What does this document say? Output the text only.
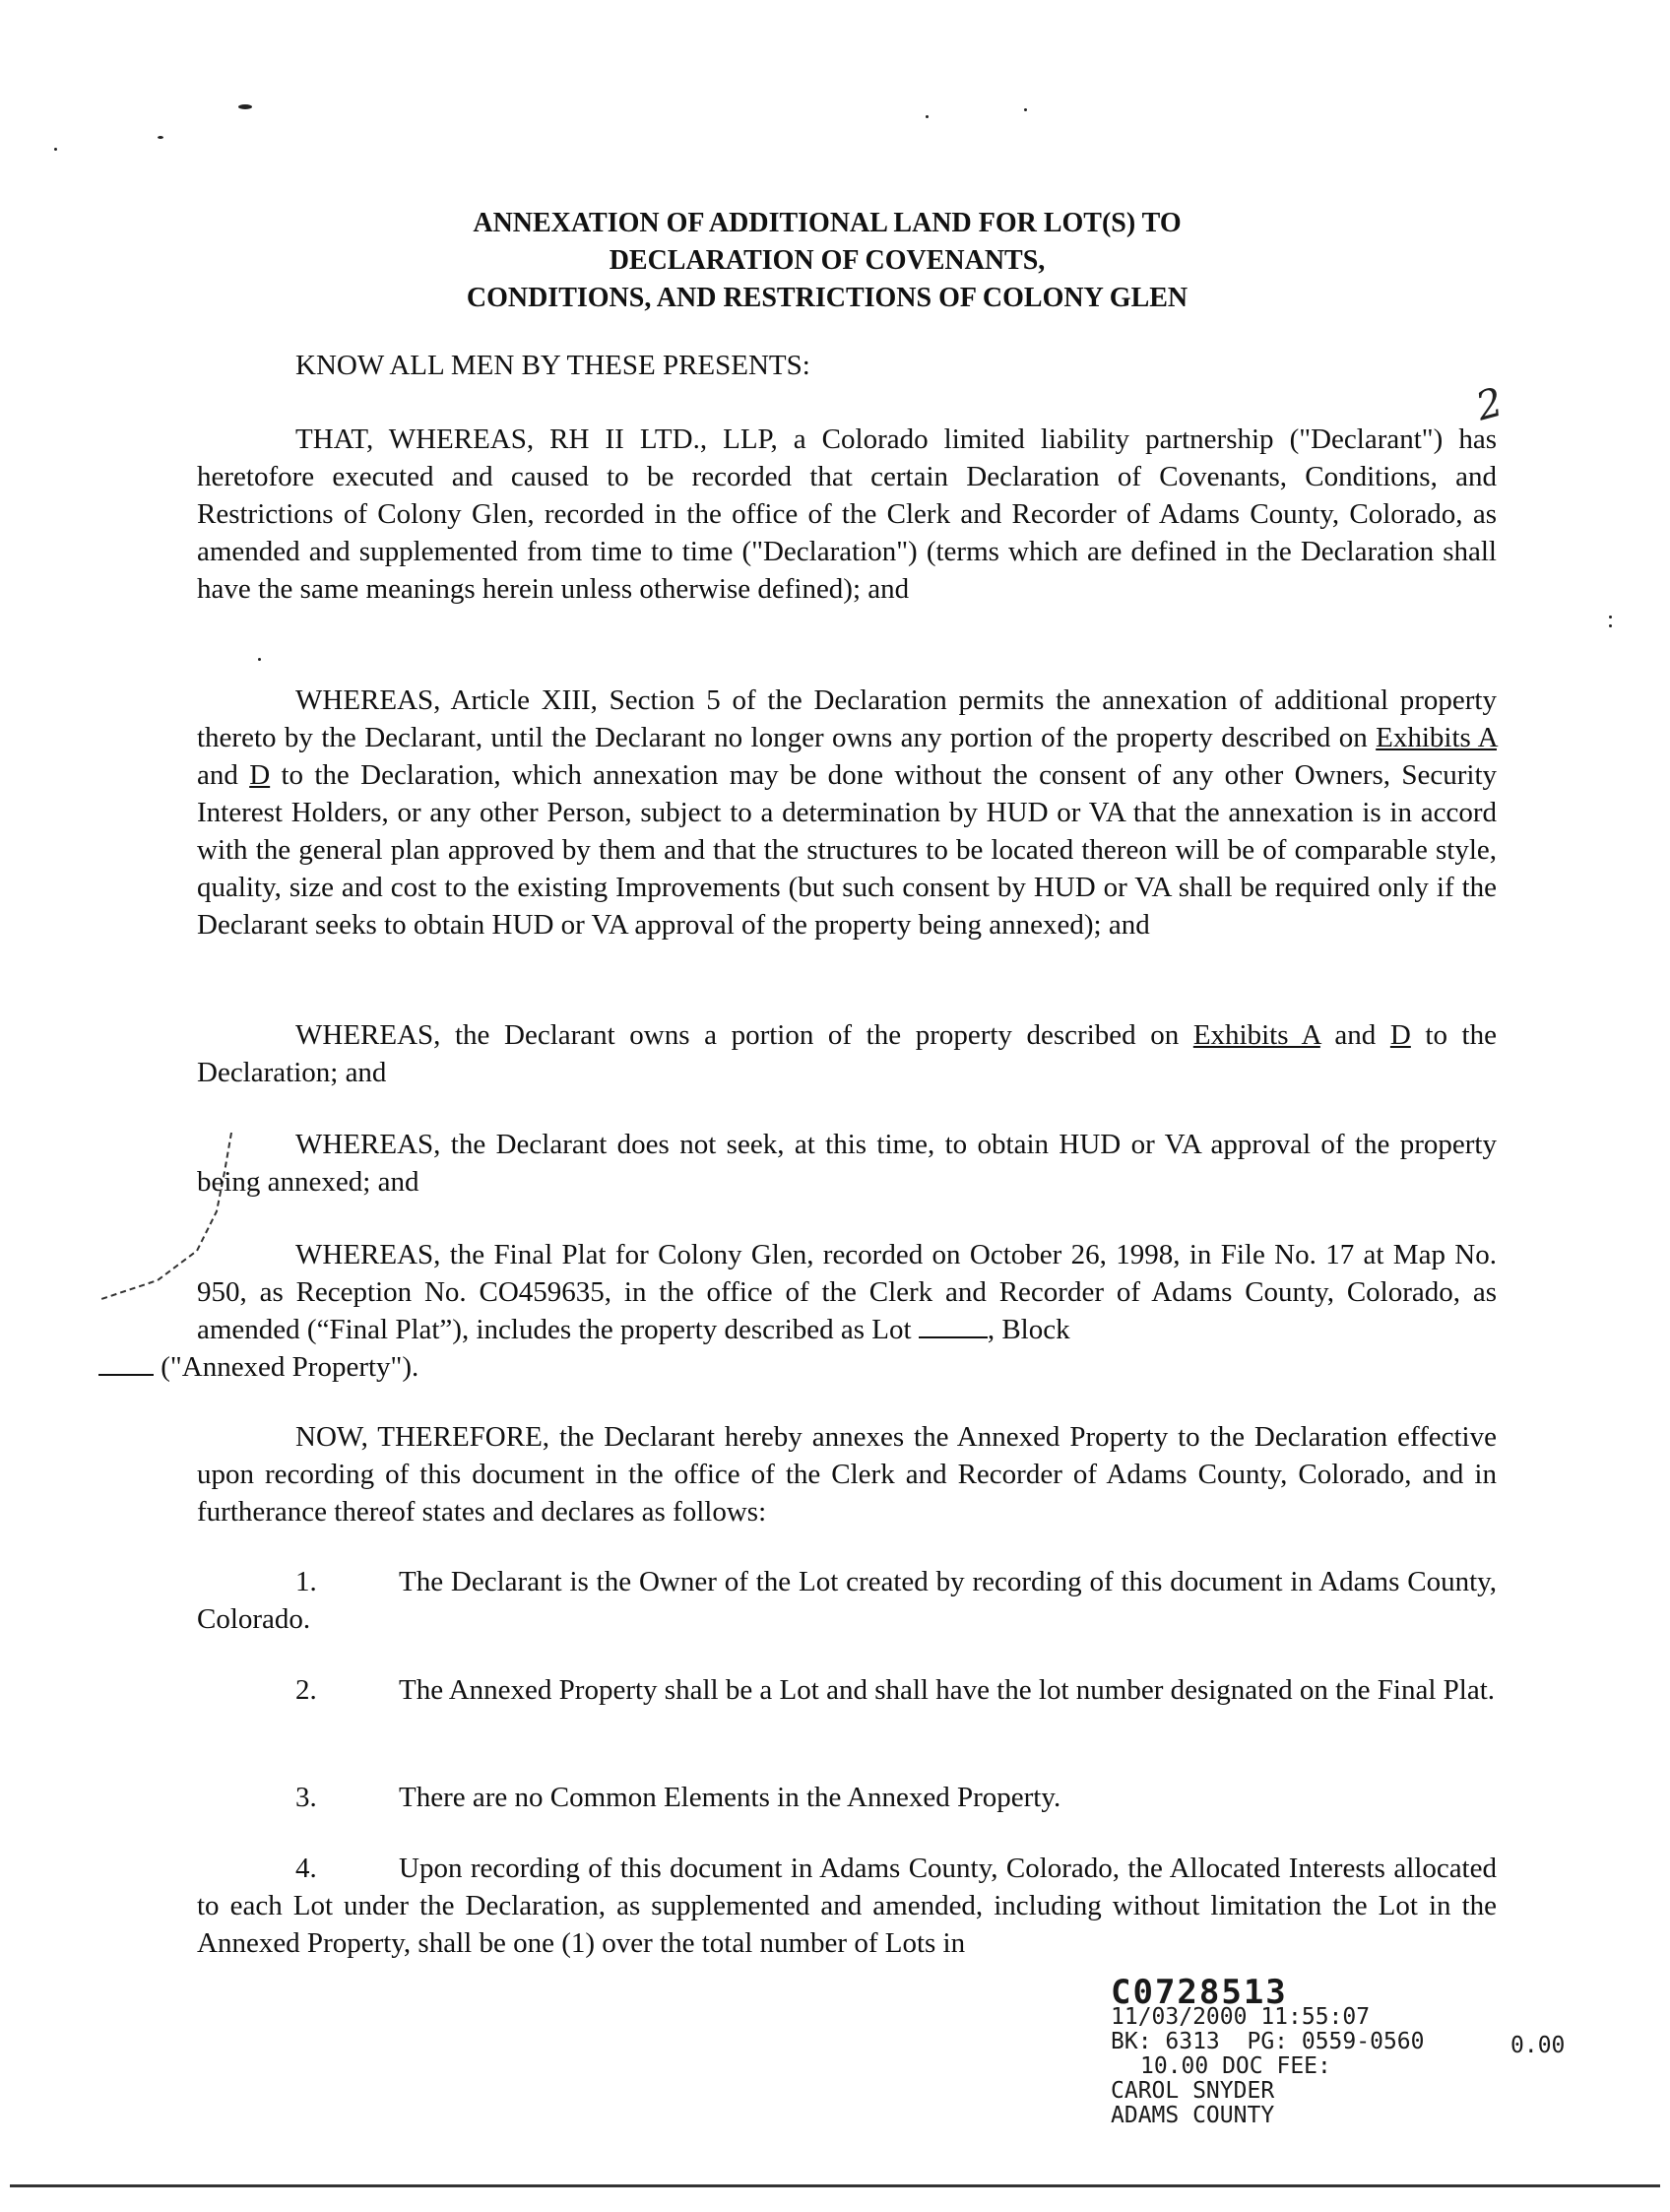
2
ANNEXATION OF ADDITIONAL LAND FOR LOT(S) TO
DECLARATION OF COVENANTS,
CONDITIONS, AND RESTRICTIONS OF COLONY GLEN
KNOW ALL MEN BY THESE PRESENTS:
THAT, WHEREAS, RH II LTD., LLP, a Colorado limited liability partnership ("Declarant") has heretofore executed and caused to be recorded that certain Declaration of Covenants, Conditions, and Restrictions of Colony Glen, recorded in the office of the Clerk and Recorder of Adams County, Colorado, as amended and supplemented from time to time ("Declaration") (terms which are defined in the Declaration shall have the same meanings herein unless otherwise defined); and
WHEREAS, Article XIII, Section 5 of the Declaration permits the annexation of additional property thereto by the Declarant, until the Declarant no longer owns any portion of the property described on Exhibits A and D to the Declaration, which annexation may be done without the consent of any other Owners, Security Interest Holders, or any other Person, subject to a determination by HUD or VA that the annexation is in accord with the general plan approved by them and that the structures to be located thereon will be of comparable style, quality, size and cost to the existing Improvements (but such consent by HUD or VA shall be required only if the Declarant seeks to obtain HUD or VA approval of the property being annexed); and
WHEREAS, the Declarant owns a portion of the property described on Exhibits A and D to the Declaration; and
WHEREAS, the Declarant does not seek, at this time, to obtain HUD or VA approval of the property being annexed; and
WHEREAS, the Final Plat for Colony Glen, recorded on October 26, 1998, in File No. 17 at Map No. 950, as Reception No. CO459635, in the office of the Clerk and Recorder of Adams County, Colorado, as amended (“Final Plat”), includes the property described as Lot , Block
("Annexed Property").
NOW, THEREFORE, the Declarant hereby annexes the Annexed Property to the Declaration effective upon recording of this document in the office of the Clerk and Recorder of Adams County, Colorado, and in furtherance thereof states and declares as follows:
1.	The Declarant is the Owner of the Lot created by recording of this document in Adams County, Colorado.
2.	The Annexed Property shall be a Lot and shall have the lot number designated on the Final Plat.
3.	There are no Common Elements in the Annexed Property.
4.	Upon recording of this document in Adams County, Colorado, the Allocated Interests allocated to each Lot under the Declaration, as supplemented and amended, including without limitation the Lot in the Annexed Property, shall be one (1) over the total number of Lots in
C0728513
11/03/2000 11:55:07
BK: 6313  PG: 0559-0560
10.00 DOC FEE:
CAROL SNYDER
ADAMS COUNTY
0.00
